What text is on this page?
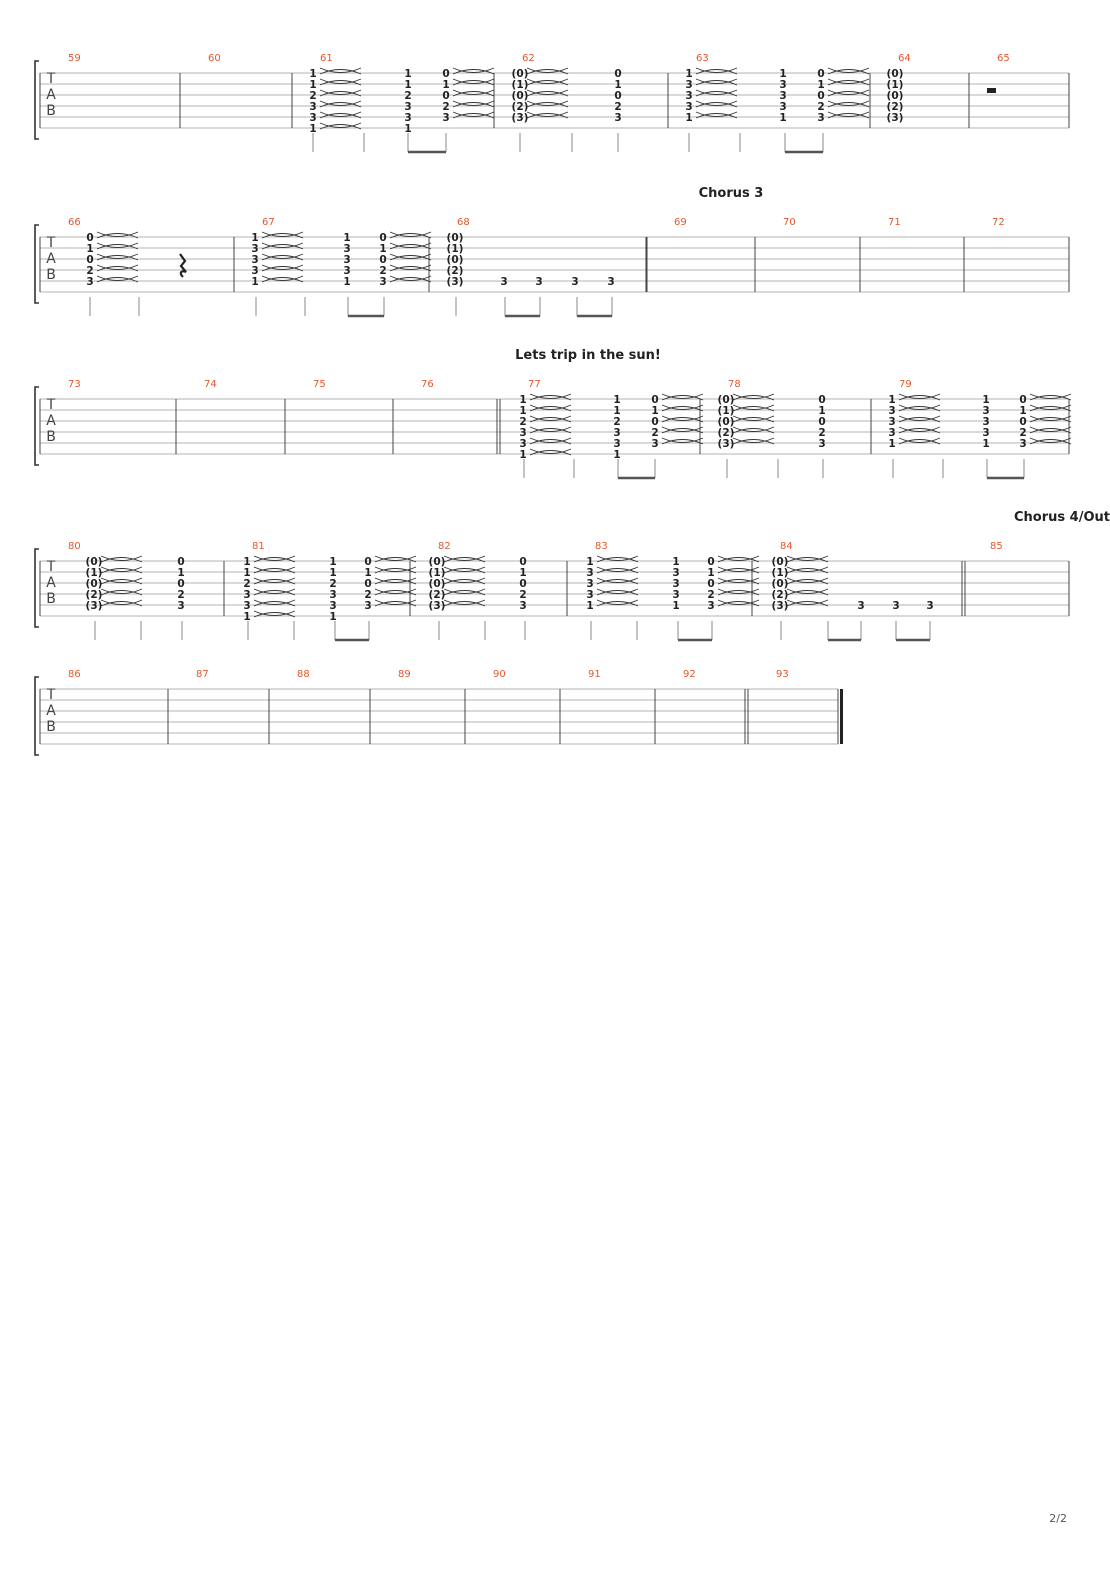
2/2
T
A
B
59	60	61
1
1
2
3
3
1
1
1
2
3
3
1
0
1
0
2
3
62
(0)
(1)
(0)
(2)
(3)
0
1
0
2
3
63
1
3
3
3
1
1
3
3
3
1
0
1
0
2
3
64
(0)
(1)
(0)
(2)
(3)
65
Chorus 3
T
A
B
66
0
1
0
2
3
67
1
3
3
3
1
1
3
3
3
1
0
1
0
2
3
68
(0)
(1)
(0)
(2)
(3)	3	3	3	3
69	70	71	72
Lets trip in the sun!
T
A
B
73	74	75	76	77
1
1
2
3
3
1
1
1
2
3
3
1
0
1
0
2
3
78
(0)
(1)
(0)
(2)
(3)
0
1
0
2
3
79
1
3
3
3
1
1
3
3
3
1
0
1
0
2
3
Chorus 4/Out
T
A
B
80
(0)
(1)
(0)
(2)
(3)
0
1
0
2
3
81
1
1
2
3
3
1
1
1
2
3
3
1
0
1
0
2
3
82
(0)
(1)
(0)
(2)
(3)
0
1
0
2
3
83
1
3
3
3
1
1
3
3
3
1
0
1
0
2
3
84
(0)
(1)
(0)
(2)
(3)	3	3	3
85
T
A
B
86	87	88	89	90	91	92	93
